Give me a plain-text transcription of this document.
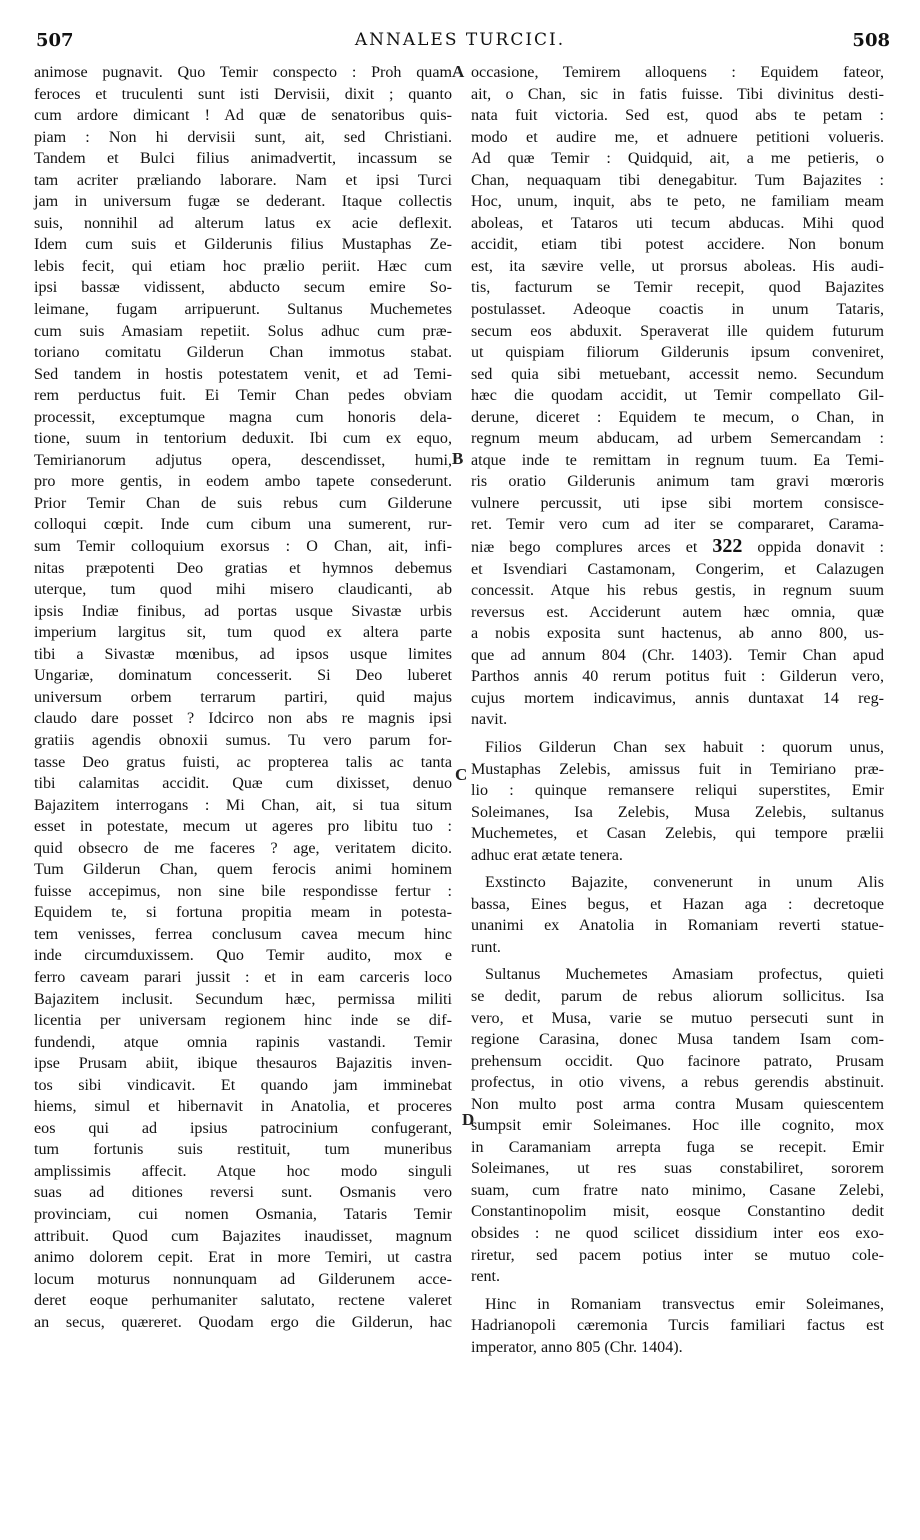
507	ANNALES TURCICI.	508
A
B
C
D

animose pugnavit. Quo Temir conspecto : Proh quam

feroces et truculenti sunt isti Dervisii, dixit ; quanto

cum ardore dimicant ! Ad quæ de senatoribus quis-

piam : Non hi dervisii sunt, ait, sed Christiani.

Tandem et Bulci filius animadvertit, incassum se

tam acriter præliando laborare. Nam et ipsi Turci

jam in universum fugæ se dederant. Itaque collectis

suis, nonnihil ad alterum latus ex acie deflexit.

Idem cum suis et Gilderunis filius Mustaphas Ze-

lebis fecit, qui etiam hoc prælio periit. Hæc cum

ipsi bassæ vidissent, abducto secum emire So-

leimane, fugam arripuerunt. Sultanus Muchemetes

cum suis Amasiam repetiit. Solus adhuc cum præ-

toriano comitatu Gilderun Chan immotus stabat.

Sed tandem in hostis potestatem venit, et ad Temi-

rem perductus fuit. Ei Temir Chan pedes obviam

processit, exceptumque magna cum honoris dela-

tione, suum in tentorium deduxit. Ibi cum ex equo,

Temirianorum adjutus opera, descendisset, humi,

pro more gentis, in eodem ambo tapete consederunt.

Prior Temir Chan de suis rebus cum Gilderune

colloqui cœpit. Inde cum cibum una sumerent, rur-

sum Temir colloquium exorsus : O Chan, ait, infi-

nitas præpotenti Deo gratias et hymnos debemus

uterque, tum quod mihi misero claudicanti, ab

ipsis Indiæ finibus, ad portas usque Sivastæ urbis

imperium largitus sit, tum quod ex altera parte

tibi a Sivastæ mœnibus, ad ipsos usque limites

Ungariæ, dominatum concesserit. Si Deo luberet

universum orbem terrarum partiri, quid majus

claudo dare posset ? Idcirco non abs re magnis ipsi

gratiis agendis obnoxii sumus. Tu vero parum for-

tasse Deo gratus fuisti, ac propterea talis ac tanta

tibi calamitas accidit. Quæ cum dixisset, denuo

Bajazitem interrogans : Mi Chan, ait, si tua situm

esset in potestate, mecum ut ageres pro libitu tuo :

quid obsecro de me faceres ? age, veritatem dicito.

Tum Gilderun Chan, quem ferocis animi hominem

fuisse accepimus, non sine bile respondisse fertur :

Equidem te, si fortuna propitia meam in potesta-

tem venisses, ferrea conclusum cavea mecum hinc

inde circumduxissem. Quo Temir audito, mox e

ferro caveam parari jussit : et in eam carceris loco

Bajazitem inclusit. Secundum hæc, permissa militi

licentia per universam regionem hinc inde se dif-

fundendi, atque omnia rapinis vastandi. Temir

ipse Prusam abiit, ibique thesauros Bajazitis inven-

tos sibi vindicavit. Et quando jam imminebat

hiems, simul et hibernavit in Anatolia, et proceres

eos qui ad ipsius patrocinium confugerant,

tum fortunis suis restituit, tum muneribus

amplissimis affecit. Atque hoc modo singuli

suas ad ditiones reversi sunt. Osmanis vero

provinciam, cui nomen Osmania, Tataris Temir

attribuit. Quod cum Bajazites inaudisset, magnum

animo dolorem cepit. Erat in more Temiri, ut castra

locum moturus nonnunquam ad Gilderunem acce-

deret eoque perhumaniter salutato, rectene valeret

an secus, quæreret. Quodam ergo die Gilderun, hac

occasione, Temirem alloquens : Equidem fateor,

ait, o Chan, sic in fatis fuisse. Tibi divinitus desti-

nata fuit victoria. Sed est, quod abs te petam :

modo et audire me, et adnuere petitioni volueris.

Ad quæ Temir : Quidquid, ait, a me petieris, o

Chan, nequaquam tibi denegabitur. Tum Bajazites :

Hoc, unum, inquit, abs te peto, ne familiam meam

aboleas, et Tataros uti tecum abducas. Mihi quod

accidit, etiam tibi potest accidere. Non bonum

est, ita sævire velle, ut prorsus aboleas. His audi-

tis, facturum se Temir recepit, quod Bajazites

postulasset. Adeoque coactis in unum Tataris,

secum eos abduxit. Speraverat ille quidem futurum

ut quispiam filiorum Gilderunis ipsum conveniret,

sed quia sibi metuebant, accessit nemo. Secundum

hæc die quodam accidit, ut Temir compellato Gil-

derune, diceret : Equidem te mecum, o Chan, in

regnum meum abducam, ad urbem Semercandam :

atque inde te remittam in regnum tuum. Ea Temi-

ris oratio Gilderunis animum tam gravi mœroris

vulnere percussit, uti ipse sibi mortem consisce-

ret. Temir vero cum ad iter se compararet, Carama-

niæ bego complures arces et 322 oppida donavit :

et Isvendiari Castamonam, Congerim, et Calazugen

concessit. Atque his rebus gestis, in regnum suum

reversus est. Acciderunt autem hæc omnia, quæ

a nobis exposita sunt hactenus, ab anno 800, us-

que ad annum 804 (Chr. 1403). Temir Chan apud

Parthos annis 40 rerum potitus fuit : Gilderun vero,

cujus mortem indicavimus, annis duntaxat 14 reg-

navit.

Filios Gilderun Chan sex habuit : quorum unus,

Mustaphas Zelebis, amissus fuit in Temiriano præ-

lio : quinque remansere reliqui superstites, Emir

Soleimanes, Isa Zelebis, Musa Zelebis, sultanus

Muchemetes, et Casan Zelebis, qui tempore prælii

adhuc erat ætate tenera.

Exstincto Bajazite, convenerunt in unum Alis

bassa, Eines begus, et Hazan aga : decretoque

unanimi ex Anatolia in Romaniam reverti statue-

runt.

Sultanus Muchemetes Amasiam profectus, quieti

se dedit, parum de rebus aliorum sollicitus. Isa

vero, et Musa, varie se mutuo persecuti sunt in

regione Carasina, donec Musa tandem Isam com-

prehensum occidit. Quo facinore patrato, Prusam

profectus, in otio vivens, a rebus gerendis abstinuit.

Non multo post arma contra Musam quiescentem

sumpsit emir Soleimanes. Hoc ille cognito, mox

in Caramaniam arrepta fuga se recepit. Emir

Soleimanes, ut res suas constabiliret, sororem

suam, cum fratre nato minimo, Casane Zelebi,

Constantinopolim misit, eosque Constantino dedit

obsides : ne quod scilicet dissidium inter eos exo-

riretur, sed pacem potius inter se mutuo cole-

rent.

Hinc in Romaniam transvectus emir Soleimanes,

Hadrianopoli cæremonia Turcis familiari factus est

imperator, anno 805 (Chr. 1404).
